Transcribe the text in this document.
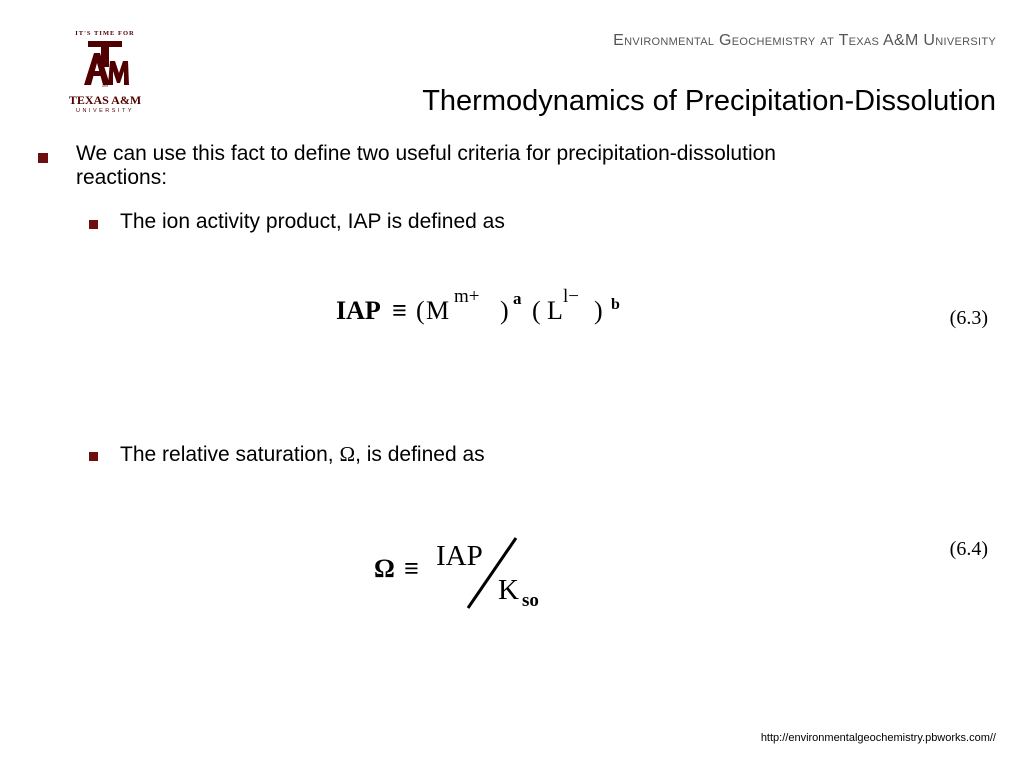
IT'S TIME FOR
ATM
TEXAS A&M
UNIVERSITY
Environmental Geochemistry at Texas A&M University
Thermodynamics of Precipitation-Dissolution
We can use this fact to define two useful criteria for precipitation-dissolution
reactions:
The ion activity product, IAP is defined as
IAP ≡ ( M m+ ) a ( L l− ) b
(6.3)
The relative saturation, Ω, is defined as
Ω ≡ IAP
K so
(6.4)
http://environmentalgeochemistry.pbworks.com//
